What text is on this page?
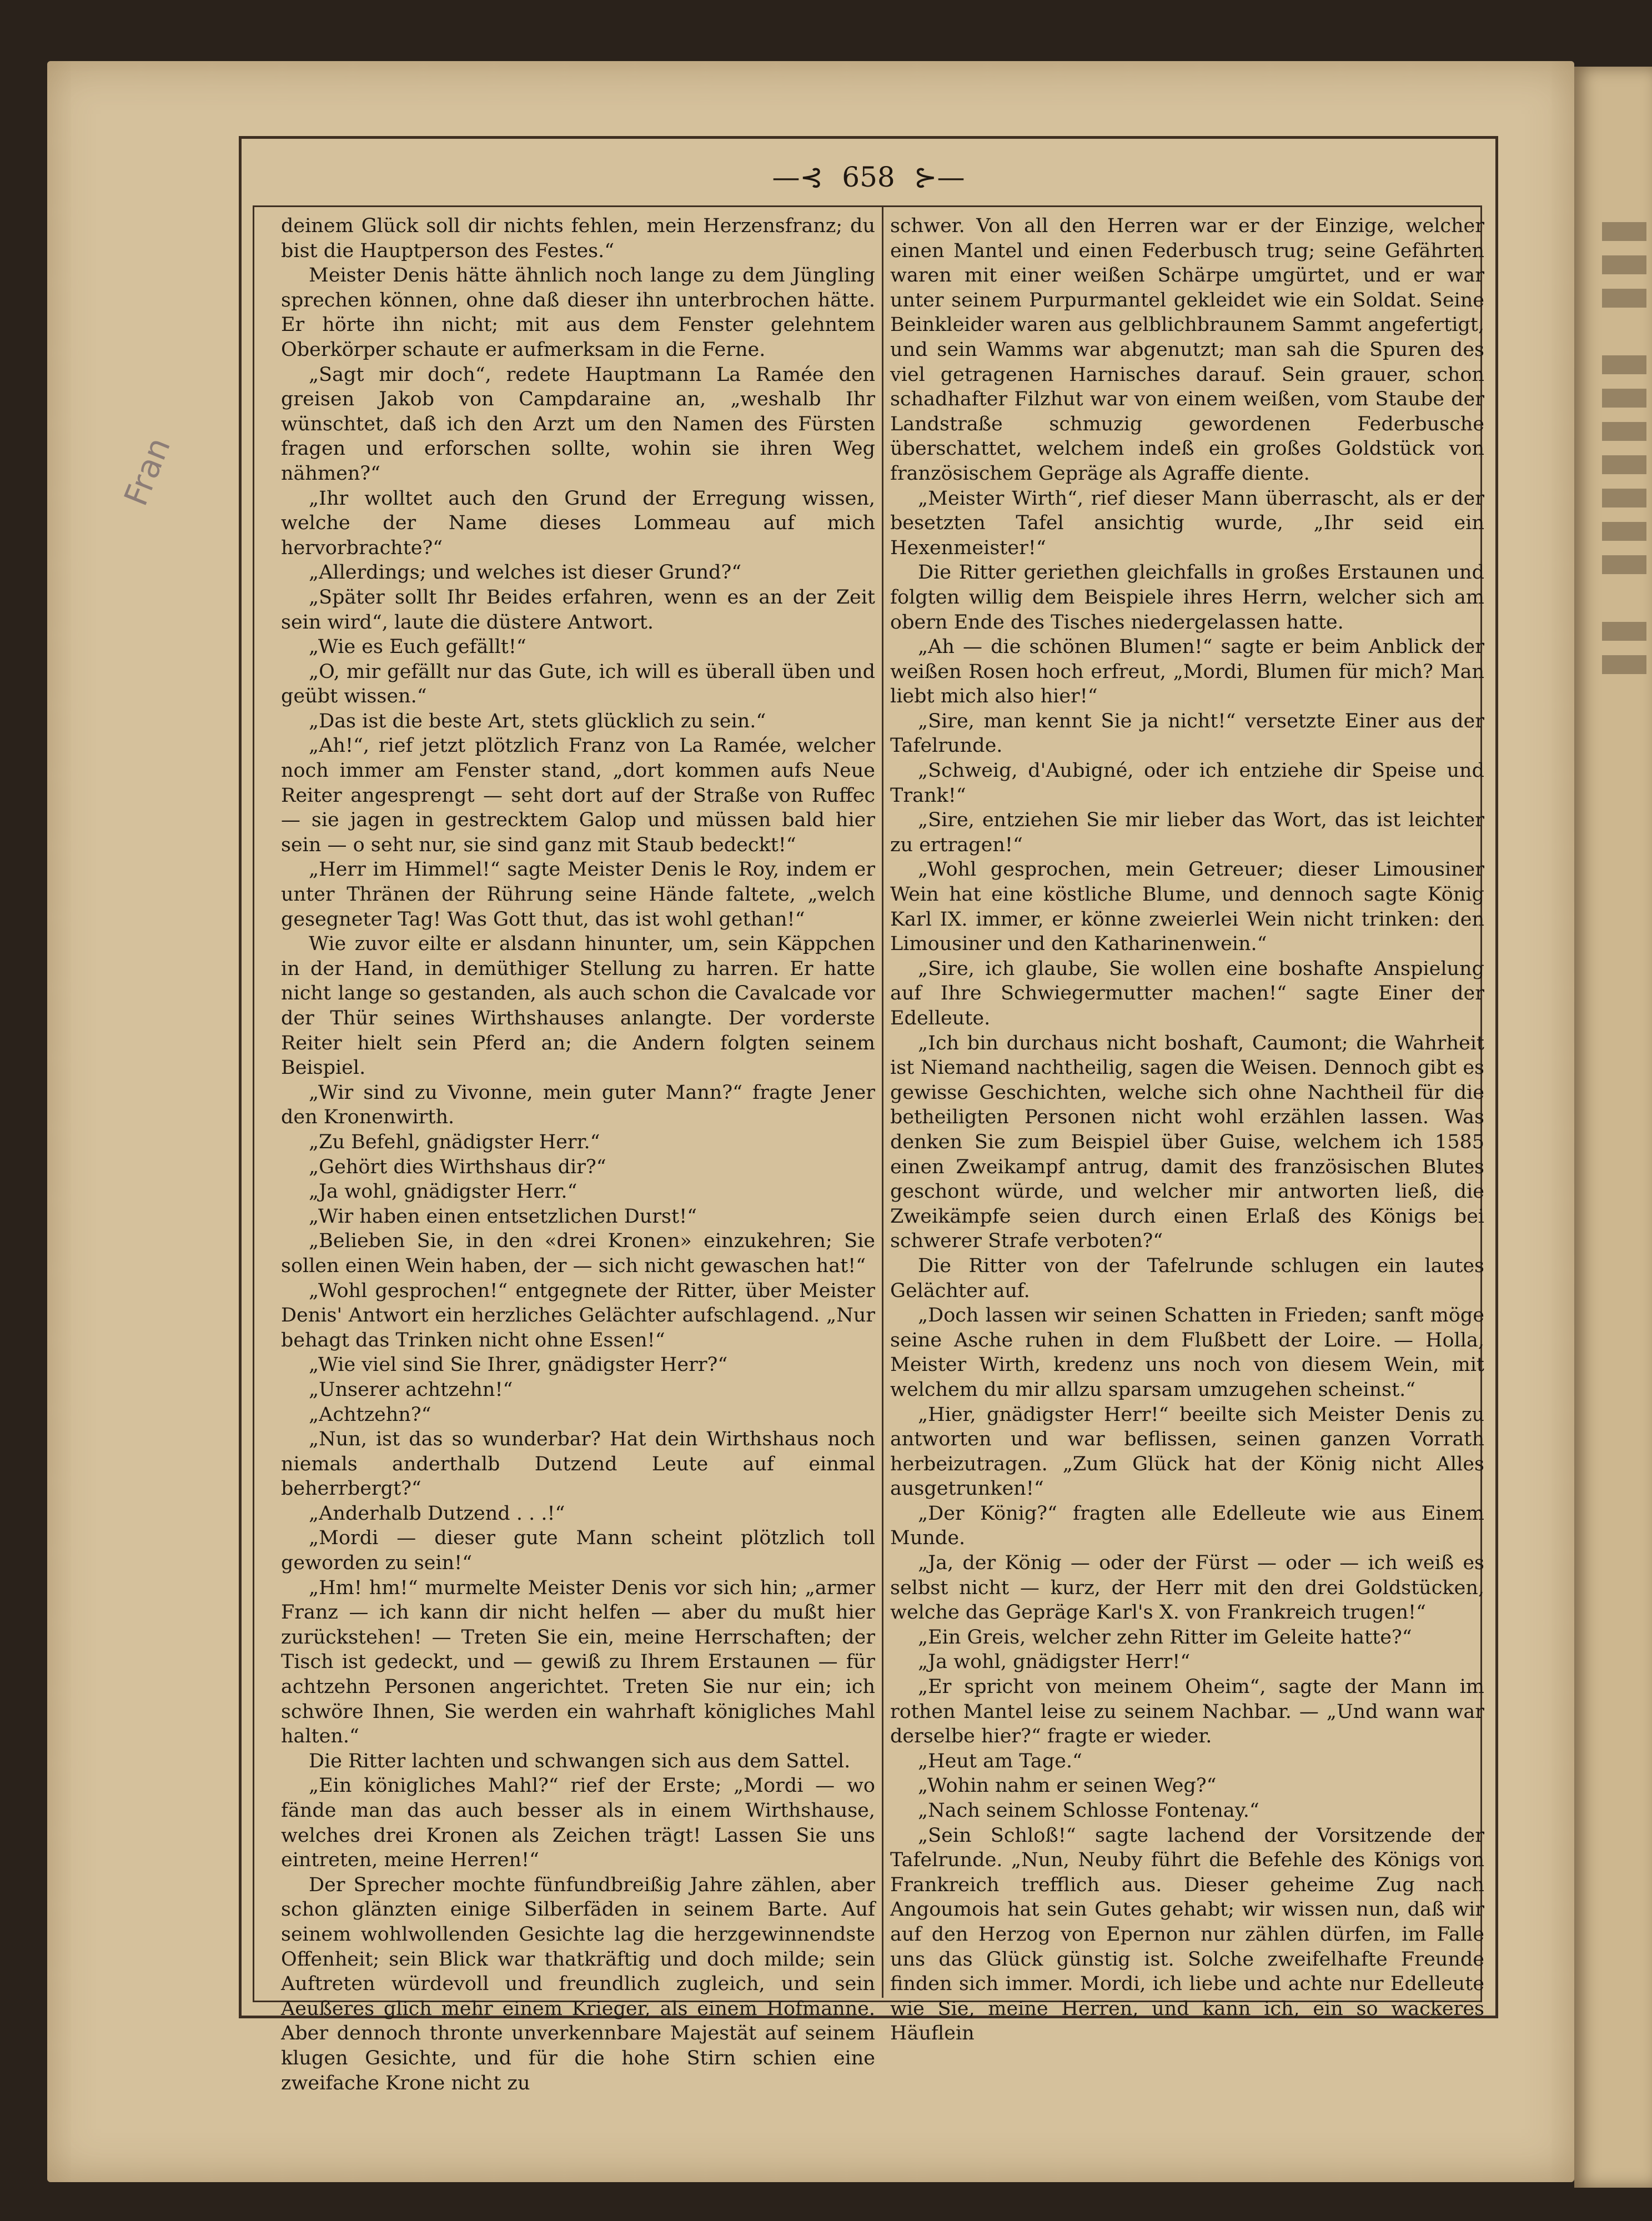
—⊰ 658 ⊱—
Fran

deinem Glück soll dir nichts fehlen, mein Herzensfranz; du bist die Hauptperson des Festes.“

Meister Denis hätte ähnlich noch lange zu dem Jüngling sprechen können, ohne daß dieser ihn unterbrochen hätte. Er hörte ihn nicht; mit aus dem Fenster gelehntem Oberkörper schaute er aufmerksam in die Ferne.

„Sagt mir doch“, redete Hauptmann La Ramée den greisen Jakob von Campdaraine an, „weshalb Ihr wünschtet, daß ich den Arzt um den Namen des Fürsten fragen und erforschen sollte, wohin sie ihren Weg nähmen?“

„Ihr wolltet auch den Grund der Erregung wissen, welche der Name dieses Lommeau auf mich hervorbrachte?“

„Allerdings; und welches ist dieser Grund?“

„Später sollt Ihr Beides erfahren, wenn es an der Zeit sein wird“, laute die düstere Antwort.

„Wie es Euch gefällt!“

„O, mir gefällt nur das Gute, ich will es überall üben und geübt wissen.“

„Das ist die beste Art, stets glücklich zu sein.“

„Ah!“, rief jetzt plötzlich Franz von La Ramée, welcher noch immer am Fenster stand, „dort kommen aufs Neue Reiter angesprengt — seht dort auf der Straße von Ruffec — sie jagen in gestrecktem Galop und müssen bald hier sein — o seht nur, sie sind ganz mit Staub bedeckt!“

„Herr im Himmel!“ sagte Meister Denis le Roy, indem er unter Thränen der Rührung seine Hände faltete, „welch gesegneter Tag! Was Gott thut, das ist wohl gethan!“

Wie zuvor eilte er alsdann hinunter, um, sein Käppchen in der Hand, in demüthiger Stellung zu harren. Er hatte nicht lange so gestanden, als auch schon die Cavalcade vor der Thür seines Wirthshauses anlangte. Der vorderste Reiter hielt sein Pferd an; die Andern folgten seinem Beispiel.

„Wir sind zu Vivonne, mein guter Mann?“ fragte Jener den Kronenwirth.

„Zu Befehl, gnädigster Herr.“

„Gehört dies Wirthshaus dir?“

„Ja wohl, gnädigster Herr.“

„Wir haben einen entsetzlichen Durst!“

„Belieben Sie, in den «drei Kronen» einzukehren; Sie sollen einen Wein haben, der — sich nicht gewaschen hat!“

„Wohl gesprochen!“ entgegnete der Ritter, über Meister Denis' Antwort ein herzliches Gelächter aufschlagend. „Nur behagt das Trinken nicht ohne Essen!“

„Wie viel sind Sie Ihrer, gnädigster Herr?“

„Unserer achtzehn!“

„Achtzehn?“

„Nun, ist das so wunderbar? Hat dein Wirthshaus noch niemals anderthalb Dutzend Leute auf einmal beherrbergt?“

„Anderhalb Dutzend . . .!“

„Mordi — dieser gute Mann scheint plötzlich toll geworden zu sein!“

„Hm! hm!“ murmelte Meister Denis vor sich hin; „armer Franz — ich kann dir nicht helfen — aber du mußt hier zurückstehen! — Treten Sie ein, meine Herrschaften; der Tisch ist gedeckt, und — gewiß zu Ihrem Erstaunen — für achtzehn Personen angerichtet. Treten Sie nur ein; ich schwöre Ihnen, Sie werden ein wahrhaft königliches Mahl halten.“

Die Ritter lachten und schwangen sich aus dem Sattel.

„Ein königliches Mahl?“ rief der Erste; „Mordi — wo fände man das auch besser als in einem Wirthshause, welches drei Kronen als Zeichen trägt! Lassen Sie uns eintreten, meine Herren!“

Der Sprecher mochte fünfundbreißig Jahre zählen, aber schon glänzten einige Silberfäden in seinem Barte. Auf seinem wohlwollenden Gesichte lag die herzgewinnendste Offenheit; sein Blick war thatkräftig und doch milde; sein Auftreten würdevoll und freundlich zugleich, und sein Aeußeres glich mehr einem Krieger, als einem Hofmanne. Aber dennoch thronte unverkennbare Majestät auf seinem klugen Gesichte, und für die hohe Stirn schien eine zweifache Krone nicht zu

schwer. Von all den Herren war er der Einzige, welcher einen Mantel und einen Federbusch trug; seine Gefährten waren mit einer weißen Schärpe umgürtet, und er war unter seinem Purpurmantel gekleidet wie ein Soldat. Seine Beinkleider waren aus gelblichbraunem Sammt angefertigt, und sein Wamms war abgenutzt; man sah die Spuren des viel getragenen Harnisches darauf. Sein grauer, schon schadhafter Filzhut war von einem weißen, vom Staube der Landstraße schmuzig gewordenen Federbusche überschattet, welchem indeß ein großes Goldstück von französischem Gepräge als Agraffe diente.

„Meister Wirth“, rief dieser Mann überrascht, als er der besetzten Tafel ansichtig wurde, „Ihr seid ein Hexenmeister!“

Die Ritter geriethen gleichfalls in großes Erstaunen und folgten willig dem Beispiele ihres Herrn, welcher sich am obern Ende des Tisches niedergelassen hatte.

„Ah — die schönen Blumen!“ sagte er beim Anblick der weißen Rosen hoch erfreut, „Mordi, Blumen für mich? Man liebt mich also hier!“

„Sire, man kennt Sie ja nicht!“ versetzte Einer aus der Tafelrunde.

„Schweig, d'Aubigné, oder ich entziehe dir Speise und Trank!“

„Sire, entziehen Sie mir lieber das Wort, das ist leichter zu ertragen!“

„Wohl gesprochen, mein Getreuer; dieser Limousiner Wein hat eine köstliche Blume, und dennoch sagte König Karl IX. immer, er könne zweierlei Wein nicht trinken: den Limousiner und den Katharinenwein.“

„Sire, ich glaube, Sie wollen eine boshafte Anspielung auf Ihre Schwiegermutter machen!“ sagte Einer der Edelleute.

„Ich bin durchaus nicht boshaft, Caumont; die Wahrheit ist Niemand nachtheilig, sagen die Weisen. Dennoch gibt es gewisse Geschichten, welche sich ohne Nachtheil für die betheiligten Personen nicht wohl erzählen lassen. Was denken Sie zum Beispiel über Guise, welchem ich 1585 einen Zweikampf antrug, damit des französischen Blutes geschont würde, und welcher mir antworten ließ, die Zweikämpfe seien durch einen Erlaß des Königs bei schwerer Strafe verboten?“

Die Ritter von der Tafelrunde schlugen ein lautes Gelächter auf.

„Doch lassen wir seinen Schatten in Frieden; sanft möge seine Asche ruhen in dem Flußbett der Loire. — Holla, Meister Wirth, kredenz uns noch von diesem Wein, mit welchem du mir allzu sparsam umzugehen scheinst.“

„Hier, gnädigster Herr!“ beeilte sich Meister Denis zu antworten und war beflissen, seinen ganzen Vorrath herbeizutragen. „Zum Glück hat der König nicht Alles ausgetrunken!“

„Der König?“ fragten alle Edelleute wie aus Einem Munde.

„Ja, der König — oder der Fürst — oder — ich weiß es selbst nicht — kurz, der Herr mit den drei Goldstücken, welche das Gepräge Karl's X. von Frankreich trugen!“

„Ein Greis, welcher zehn Ritter im Geleite hatte?“

„Ja wohl, gnädigster Herr!“

„Er spricht von meinem Oheim“, sagte der Mann im rothen Mantel leise zu seinem Nachbar. — „Und wann war derselbe hier?“ fragte er wieder.

„Heut am Tage.“

„Wohin nahm er seinen Weg?“

„Nach seinem Schlosse Fontenay.“

„Sein Schloß!“ sagte lachend der Vorsitzende der Tafelrunde. „Nun, Neuby führt die Befehle des Königs von Frankreich trefflich aus. Dieser geheime Zug nach Angoumois hat sein Gutes gehabt; wir wissen nun, daß wir auf den Herzog von Epernon nur zählen dürfen, im Falle uns das Glück günstig ist. Solche zweifelhafte Freunde finden sich immer. Mordi, ich liebe und achte nur Edelleute wie Sie, meine Herren, und kann ich, ein so wackeres Häuflein
